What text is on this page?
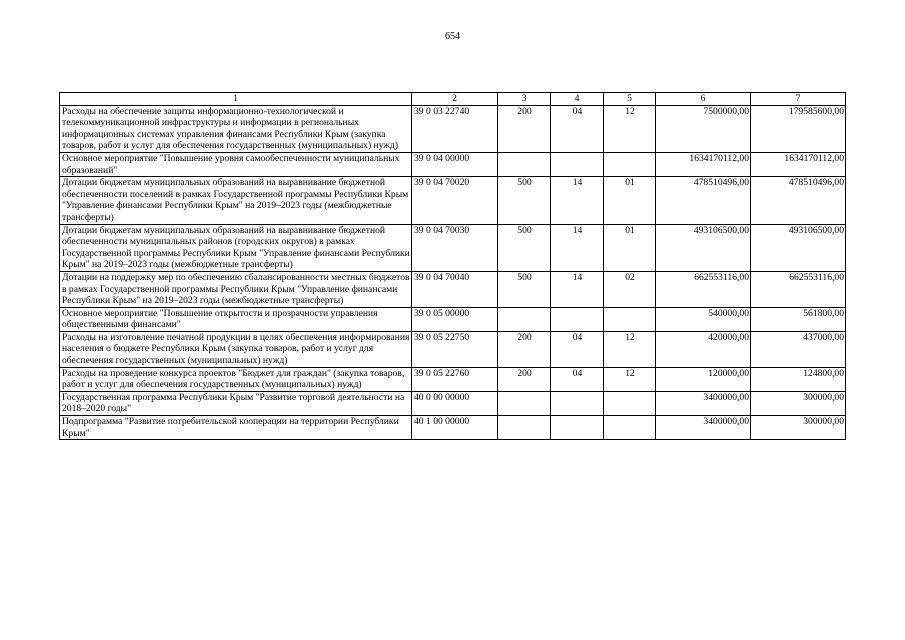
654
1	2	3	4	5	6	7
Расходы на обеспечение защиты информационно-технологической и телекоммуникационной инфраструктуры и информации в региональных информационных системах управления финансами Республики Крым (закупка товаров, работ и услуг для обеспечения государственных (муниципальных) нужд)	39 0 03 22740	200	04	12	7500000,00	179585600,00
Основное мероприятие "Повышение уровня самообеспеченности муниципальных образований"	39 0 04 00000				1634170112,00	1634170112,00
Дотации бюджетам муниципальных образований на выравнивание бюджетной обеспеченности поселений в рамках Государственной программы Республики Крым "Управление финансами Республики Крым" на 2019–2023 годы (межбюджетные трансферты)	39 0 04 70020	500	14	01	478510496,00	478510496,00
Дотации бюджетам муниципальных образований на выравнивание бюджетной обеспеченности муниципальных районов (городских округов) в рамках Государственной программы Республики Крым "Управление финансами Республики Крым" на 2019–2023 годы (межбюджетные трансферты)	39 0 04 70030	500	14	01	493106500,00	493106500,00
Дотации на поддержку мер по обеспечению сбалансированности местных бюджетов в рамках Государственной программы Республики Крым "Управление финансами Республики Крым" на 2019–2023 годы (межбюджетные трансферты)	39 0 04 70040	500	14	02	662553116,00	662553116,00
Основное мероприятие "Повышение открытости и прозрачности управления общественными финансами"	39 0 05 00000				540000,00	561800,00
Расходы на изготовление печатной продукции в целях обеспечения информирования населения о бюджете Республики Крым (закупка товаров, работ и услуг для обеспечения государственных (муниципальных) нужд)	39 0 05 22750	200	04	12	420000,00	437000,00
Расходы на проведение конкурса проектов "Бюджет для граждан" (закупка товаров, работ и услуг для обеспечения государственных (муниципальных) нужд)	39 0 05 22760	200	04	12	120000,00	124800,00
Государственная программа Республики Крым "Развитие торговой деятельности на 2018–2020 годы"	40 0 00 00000				3400000,00	300000,00
Подпрограмма "Развитие потребительской кооперации на территории Республики Крым"	40 1 00 00000				3400000,00	300000,00
